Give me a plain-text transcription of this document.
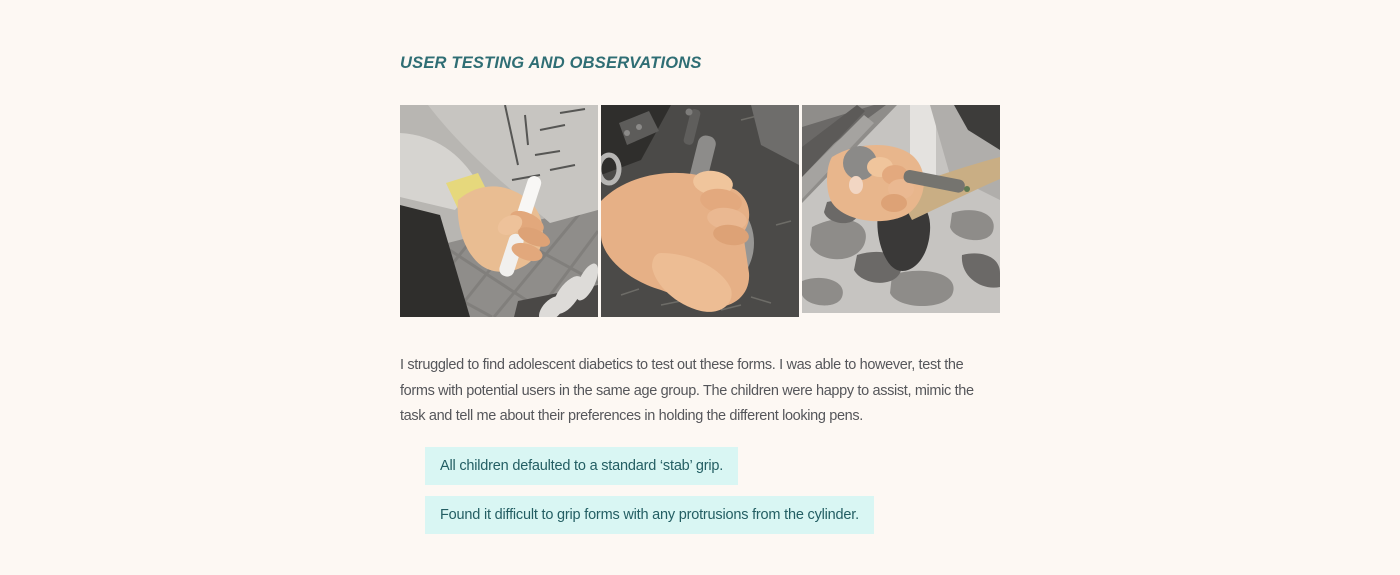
USER TESTING AND OBSERVATIONS
I struggled to find adolescent diabetics to test out these forms. I was able to however, test the
forms with potential users in the same age group. The children were happy to assist, mimic the
task and tell me about their preferences in holding the different looking pens.
All children defaulted to a standard ‘stab’ grip.
Found it difficult to grip forms with any protrusions from the cylinder.
